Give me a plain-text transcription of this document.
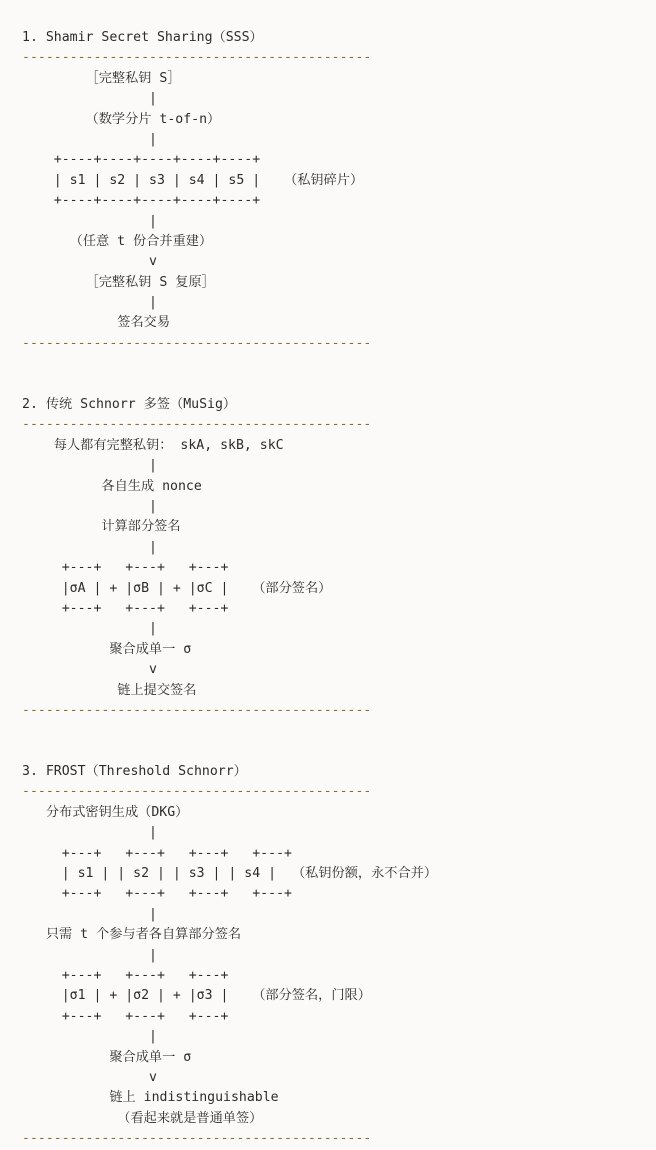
1. Shamir Secret Sharing（SSS）
--------------------------------------------
［完整私钥 S］
|
（数学分片 t-of-n）
|
+----+----+----+----+----+
| s1 | s2 | s3 | s4 | s5 |   （私钥碎片）
+----+----+----+----+----+
|
（任意 t 份合并重建）
v
［完整私钥 S 复原］
|
签名交易
--------------------------------------------
2. 传统 Schnorr 多签（MuSig）
--------------------------------------------
每人都有完整私钥： skA, skB, skC
|
各自生成 nonce
|
计算部分签名
|
+---+   +---+   +---+
|σA | + |σB | + |σC |   （部分签名）
+---+   +---+   +---+
|
聚合成单一 σ
v
链上提交签名
--------------------------------------------
3. FROST（Threshold Schnorr）
--------------------------------------------
分布式密钥生成（DKG）
|
+---+   +---+   +---+   +---+
| s1 | | s2 | | s3 | | s4 |  （私钥份额，永不合并）
+---+   +---+   +---+   +---+
|
只需 t 个参与者各自算部分签名
|
+---+   +---+   +---+
|σ1 | + |σ2 | + |σ3 |   （部分签名，门限）
+---+   +---+   +---+
|
聚合成单一 σ
v
链上 indistinguishable
（看起来就是普通单签）
--------------------------------------------
